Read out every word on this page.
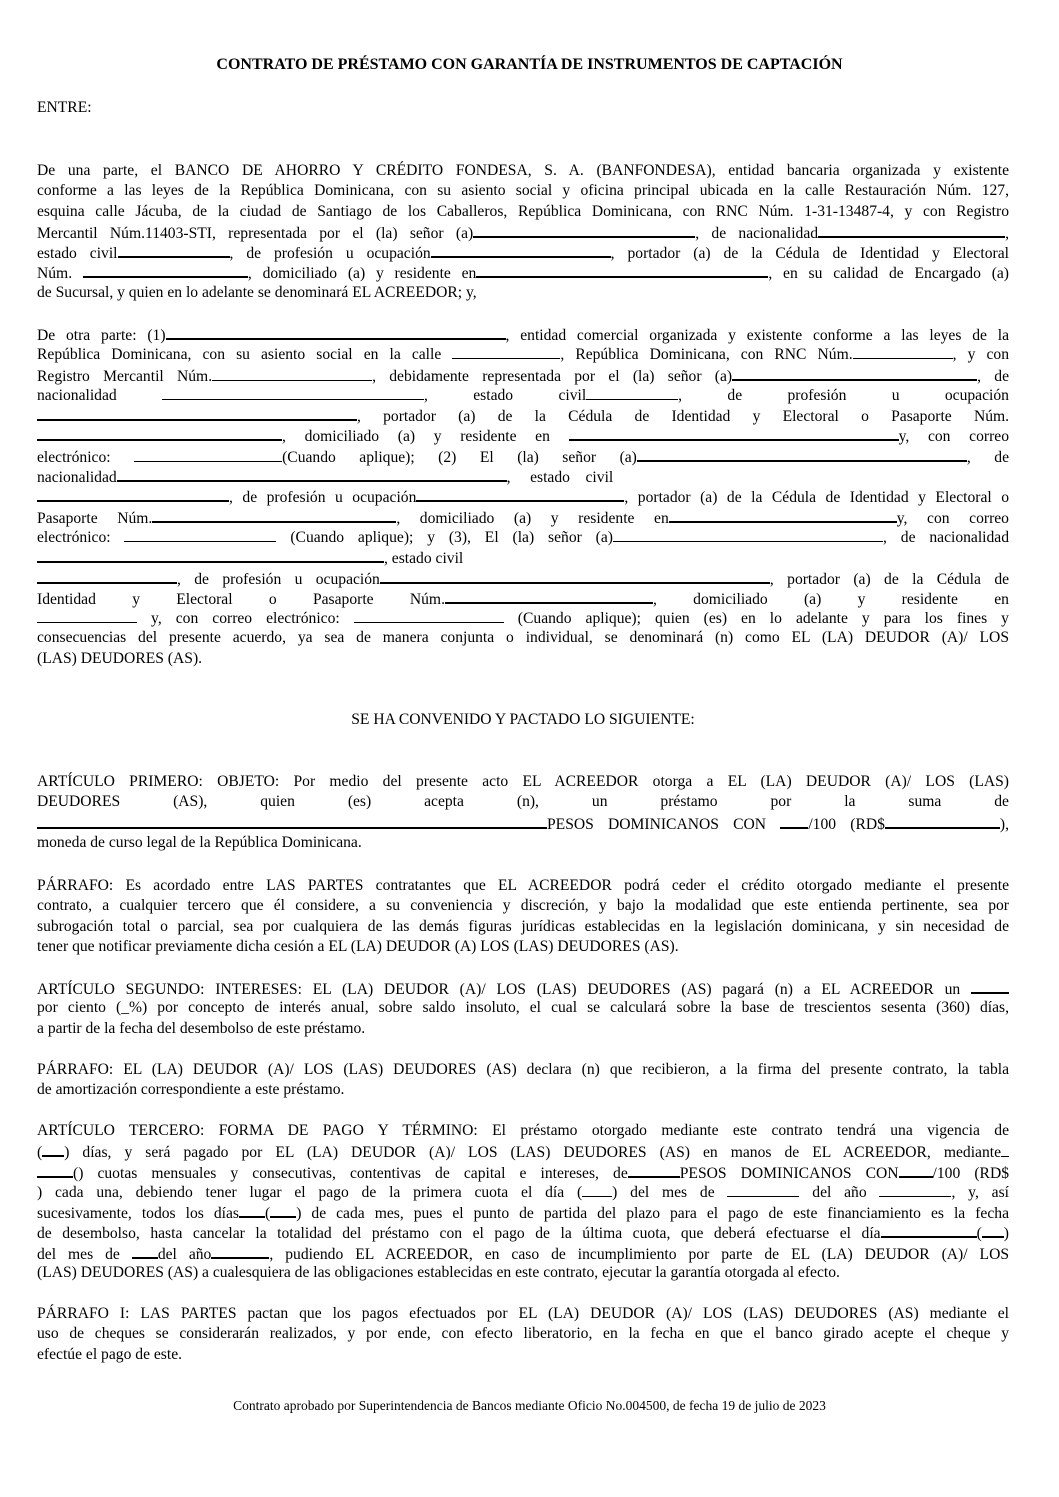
CONTRATO DE PRÉSTAMO CON GARANTÍA DE INSTRUMENTOS DE CAPTACIÓN
ENTRE:
De una parte, el BANCO DE AHORRO Y CRÉDITO FONDESA, S. A. (BANFONDESA), entidad bancaria organizada y existente
conforme a las leyes de la República Dominicana, con su asiento social y oficina principal ubicada en la calle Restauración Núm. 127,
esquina calle Jácuba, de la ciudad de Santiago de los Caballeros, República Dominicana, con RNC Núm. 1-31-13487-4, y con Registro
Mercantil Núm.11403-STI, representada por el (la) señor (a)	, de nacionalidad	,
estado civil	, de profesión u ocupación	, portador (a) de la Cédula de Identidad y Electoral
Núm.	, domiciliado (a) y residente en	, en su calidad de Encargado (a)
de Sucursal, y quien en lo adelante se denominará EL ACREEDOR; y,
De otra parte: (1)	, entidad comercial organizada y existente conforme a las leyes de la
República Dominicana, con su asiento social en la calle	, República Dominicana, con RNC Núm.	, y con
Registro Mercantil Núm.	, debidamente representada por el (la) señor (a)	, de
nacionalidad	,	estado	civil	,	de	profesión	u	ocupación
, portador (a) de la Cédula de Identidad y Electoral o Pasaporte Núm.
, domiciliado (a) y residente en	y, con correo
electrónico:	(Cuando aplique); (2) El (la) señor (a)	, de
nacionalidad	, estado civil
, de profesión u ocupación	, portador (a) de la Cédula de Identidad y Electoral o
Pasaporte Núm.	, domiciliado (a) y residente en	y, con correo
electrónico:	(Cuando aplique); y (3), El (la) señor (a)	, de nacionalidad
, estado civil
, de profesión u ocupación	, portador (a) de la Cédula de
Identidad y Electoral o Pasaporte Núm.	, domiciliado (a) y residente en
y, con correo electrónico:	(Cuando aplique); quien (es) en lo adelante y para los fines y
consecuencias del presente acuerdo, ya sea de manera conjunta o individual, se denominará (n) como EL (LA) DEUDOR (A)/ LOS
(LAS) DEUDORES (AS).
SE HA CONVENIDO Y PACTADO LO SIGUIENTE:
ARTÍCULO PRIMERO: OBJETO: Por medio del presente acto EL ACREEDOR otorga a EL (LA) DEUDOR (A)/ LOS (LAS)
DEUDORES	(AS),	quien	(es)	acepta	(n),	un	préstamo	por	la	suma	de
PESOS DOMINICANOS CON	/100 (RD$	),
moneda de curso legal de la República Dominicana.
PÁRRAFO: Es acordado entre LAS PARTES contratantes que EL ACREEDOR podrá ceder el crédito otorgado mediante el presente
contrato, a cualquier tercero que él considere, a su conveniencia y discreción, y bajo la modalidad que este entienda pertinente, sea por
subrogación total o parcial, sea por cualquiera de las demás figuras jurídicas establecidas en la legislación dominicana, y sin necesidad de
tener que notificar previamente dicha cesión a EL (LA) DEUDOR (A) LOS (LAS) DEUDORES (AS).
ARTÍCULO SEGUNDO: INTERESES: EL (LA) DEUDOR (A)/ LOS (LAS) DEUDORES (AS) pagará (n) a EL ACREEDOR un
por ciento (_%) por concepto de interés anual, sobre saldo insoluto, el cual se calculará sobre la base de trescientos sesenta (360) días,
a partir de la fecha del desembolso de este préstamo.
PÁRRAFO: EL (LA) DEUDOR (A)/ LOS (LAS) DEUDORES (AS) declara (n) que recibieron, a la firma del presente contrato, la tabla
de amortización correspondiente a este préstamo.
ARTÍCULO TERCERO: FORMA DE PAGO Y TÉRMINO: El préstamo otorgado mediante este contrato tendrá una vigencia de
( ) días, y será pagado por EL (LA) DEUDOR (A)/ LOS (LAS) DEUDORES (AS) en manos de EL ACREEDOR, mediante
() cuotas mensuales y consecutivas, contentivas de capital e intereses, de	PESOS DOMINICANOS CON /100 (RD$
) cada una, debiendo tener lugar el pago de la primera cuota el día ( ) del mes de	del año	, y, así
sucesivamente, todos los días ( ) de cada mes, pues el punto de partida del plazo para el pago de este financiamiento es la fecha
de desembolso, hasta cancelar la totalidad del préstamo con el pago de la última cuota, que deberá efectuarse el día	( )
del mes de del año	, pudiendo EL ACREEDOR, en caso de incumplimiento por parte de EL (LA) DEUDOR (A)/ LOS
(LAS) DEUDORES (AS) a cualesquiera de las obligaciones establecidas en este contrato, ejecutar la garantía otorgada al efecto.
PÁRRAFO I: LAS PARTES pactan que los pagos efectuados por EL (LA) DEUDOR (A)/ LOS (LAS) DEUDORES (AS) mediante el
uso de cheques se considerarán realizados, y por ende, con efecto liberatorio, en la fecha en que el banco girado acepte el cheque y
efectúe el pago de este.
Contrato aprobado por Superintendencia de Bancos mediante Oficio No.004500, de fecha 19 de julio de 2023
